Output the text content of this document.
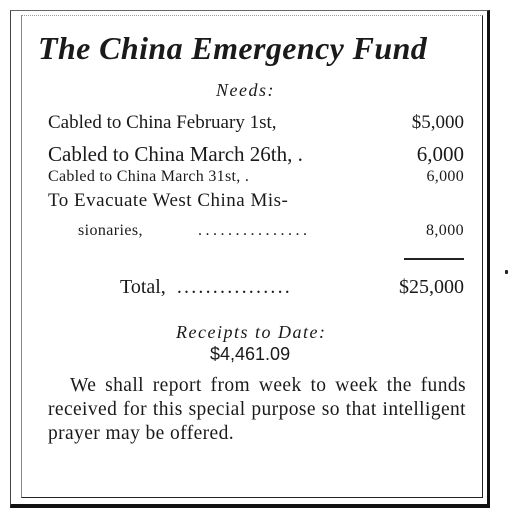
The China Emergency Fund
Needs:
Cabled to China February 1st,	$5,000
Cabled to China March 26th, .	6,000
Cabled to China March 31st, .	6,000
To Evacuate West China Mis-
sionaries,	...............	8,000
Total, ................	$25,000
Receipts to Date:
$4,461.09
We shall report from week to week the funds received for this special purpose so that intelligent prayer may be offered.
